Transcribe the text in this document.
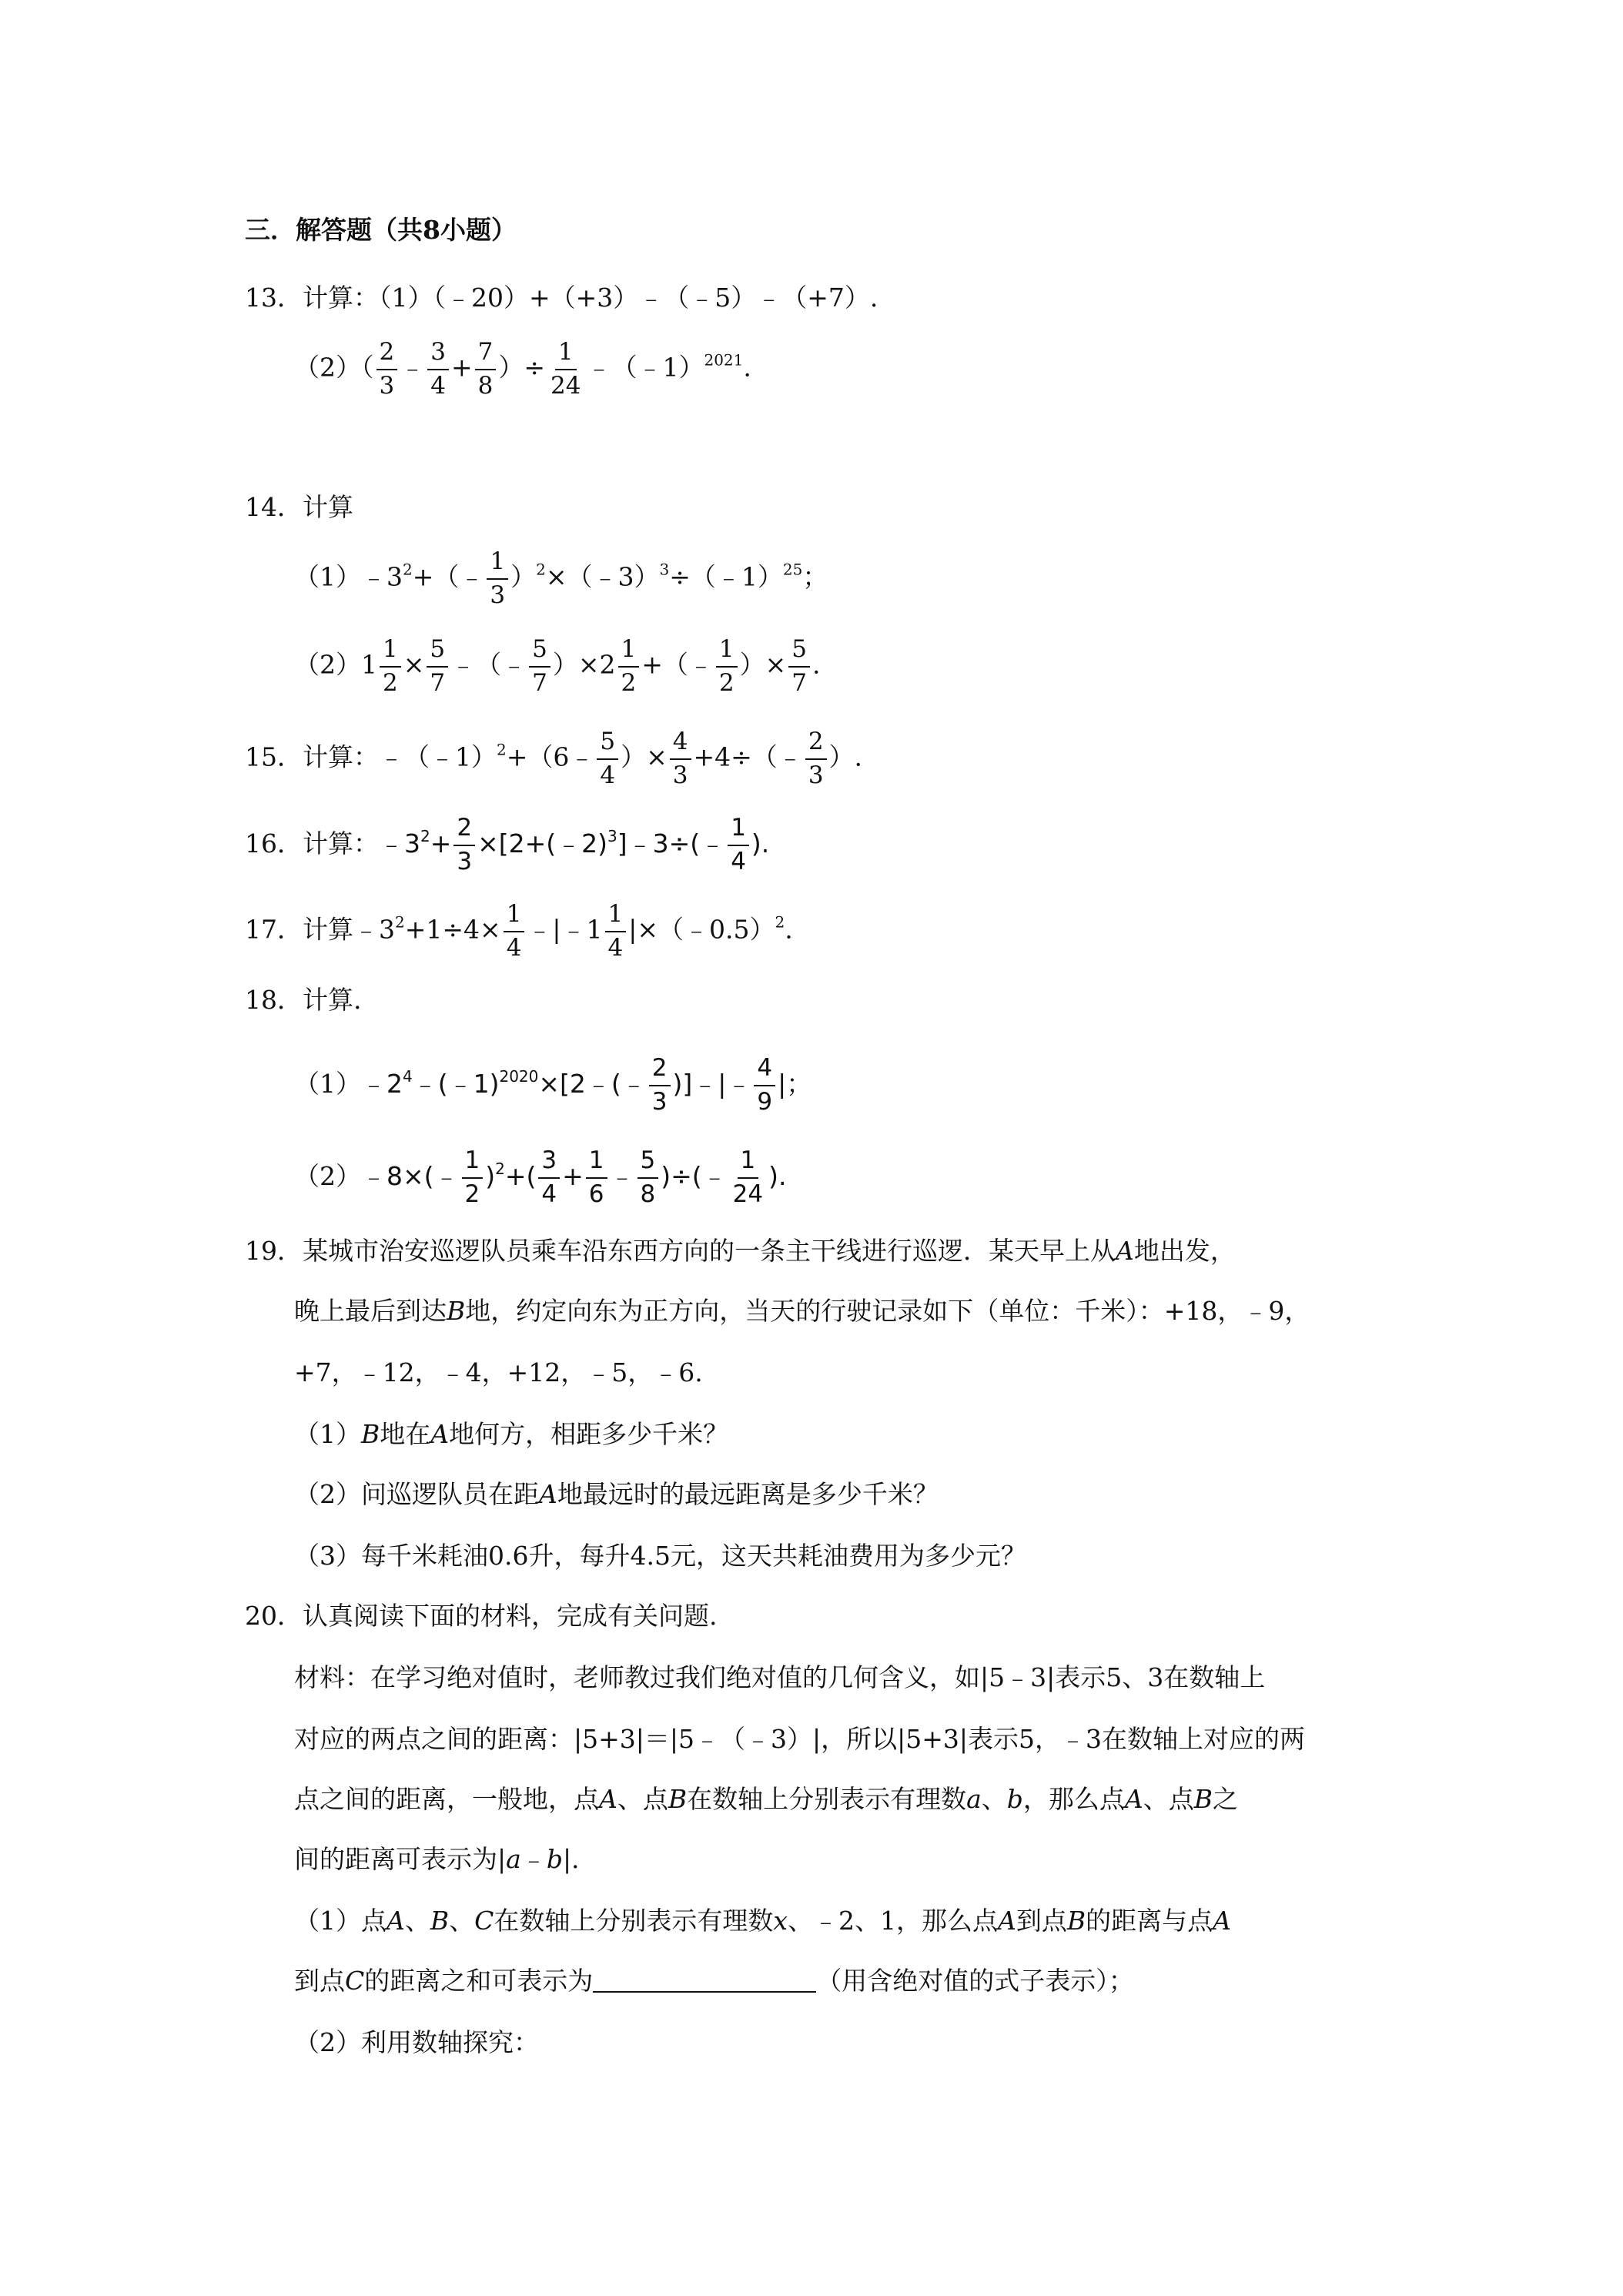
三．解答题（共8小题）
13．计算：（1）（﹣20）+（+3）﹣（﹣5）﹣（+7）.
$(2)( \frac{2}{3}$ ﹣ $\frac{3}{4} + \frac{7}{8}$ ）÷ $\frac{1}{24}$ ﹣（﹣1）$^{2021}$.
14．计算
$(1)﹣3^2+(﹣ \frac{1}{3}$ ）$^2$×（﹣3）$^3$÷（﹣1）$^{25}$；
$(2)1 \frac{1}{2} \times \frac{5}{7}$ ﹣（﹣ $\frac{5}{7} )\times 2 \frac{1}{2}$ +（﹣ $\frac{1}{2}$ ）× $\frac{5}{7}$ .
15．计算：﹣（﹣1）$^2$+（6﹣ $\frac{5}{4}$ ）× $\frac{4}{3}$ +4÷（﹣ $\frac{2}{3}$ ）.
16．计算：$﹣3^2+ \frac{2}{3}$ ×[2+(﹣2)$^3$]﹣3÷(﹣ $\frac{1}{4}$ ).
17．计算$﹣3^2+1\div 4\times \frac{1}{4}$ ﹣|﹣1 $\frac{1}{4}$ |×（﹣0.5）$^2$.
18．计算.
$(1)﹣2^4﹣(﹣1)^{2020}\times[2﹣(﹣ \frac{2}{3}$ )]﹣|﹣ $\frac{4}{9}$ |；
（2）﹣8×(﹣ $\frac{1}{2} )^2+( \frac{3}{4} + \frac{1}{6}$ ﹣ $\frac{5}{8}$ )÷(﹣ $\frac{1}{24}$ ).
19．某城市治安巡逻队员乘车沿东西方向的一条主干线进行巡逻．某天早上从A地出发，
晚上最后到达B地，约定向东为正方向，当天的行驶记录如下（单位：千米）：+18，﹣9，
+7，﹣12，﹣4，+12，﹣5，﹣6.
（1）B地在A地何方，相距多少千米？
（2）问巡逻队员在距A地最远时的最远距离是多少千米？
（3）每千米耗油0.6升，每升4.5元，这天共耗油费用为多少元？
20．认真阅读下面的材料，完成有关问题.
材料：在学习绝对值时，老师教过我们绝对值的几何含义，如|5﹣3|表示5、3在数轴上
对应的两点之间的距离：|5+3|＝|5﹣（﹣3）|，所以|5+3|表示5，﹣3在数轴上对应的两
点之间的距离，一般地，点A、点B在数轴上分别表示有理数a、b，那么点A、点B之
间的距离可表示为|a﹣b|.
（1）点A、B、C在数轴上分别表示有理数x、﹣2、1，那么点A到点B的距离与点A
到点C的距离之和可表示为	（用含绝对值的式子表示）；
（2）利用数轴探究：
